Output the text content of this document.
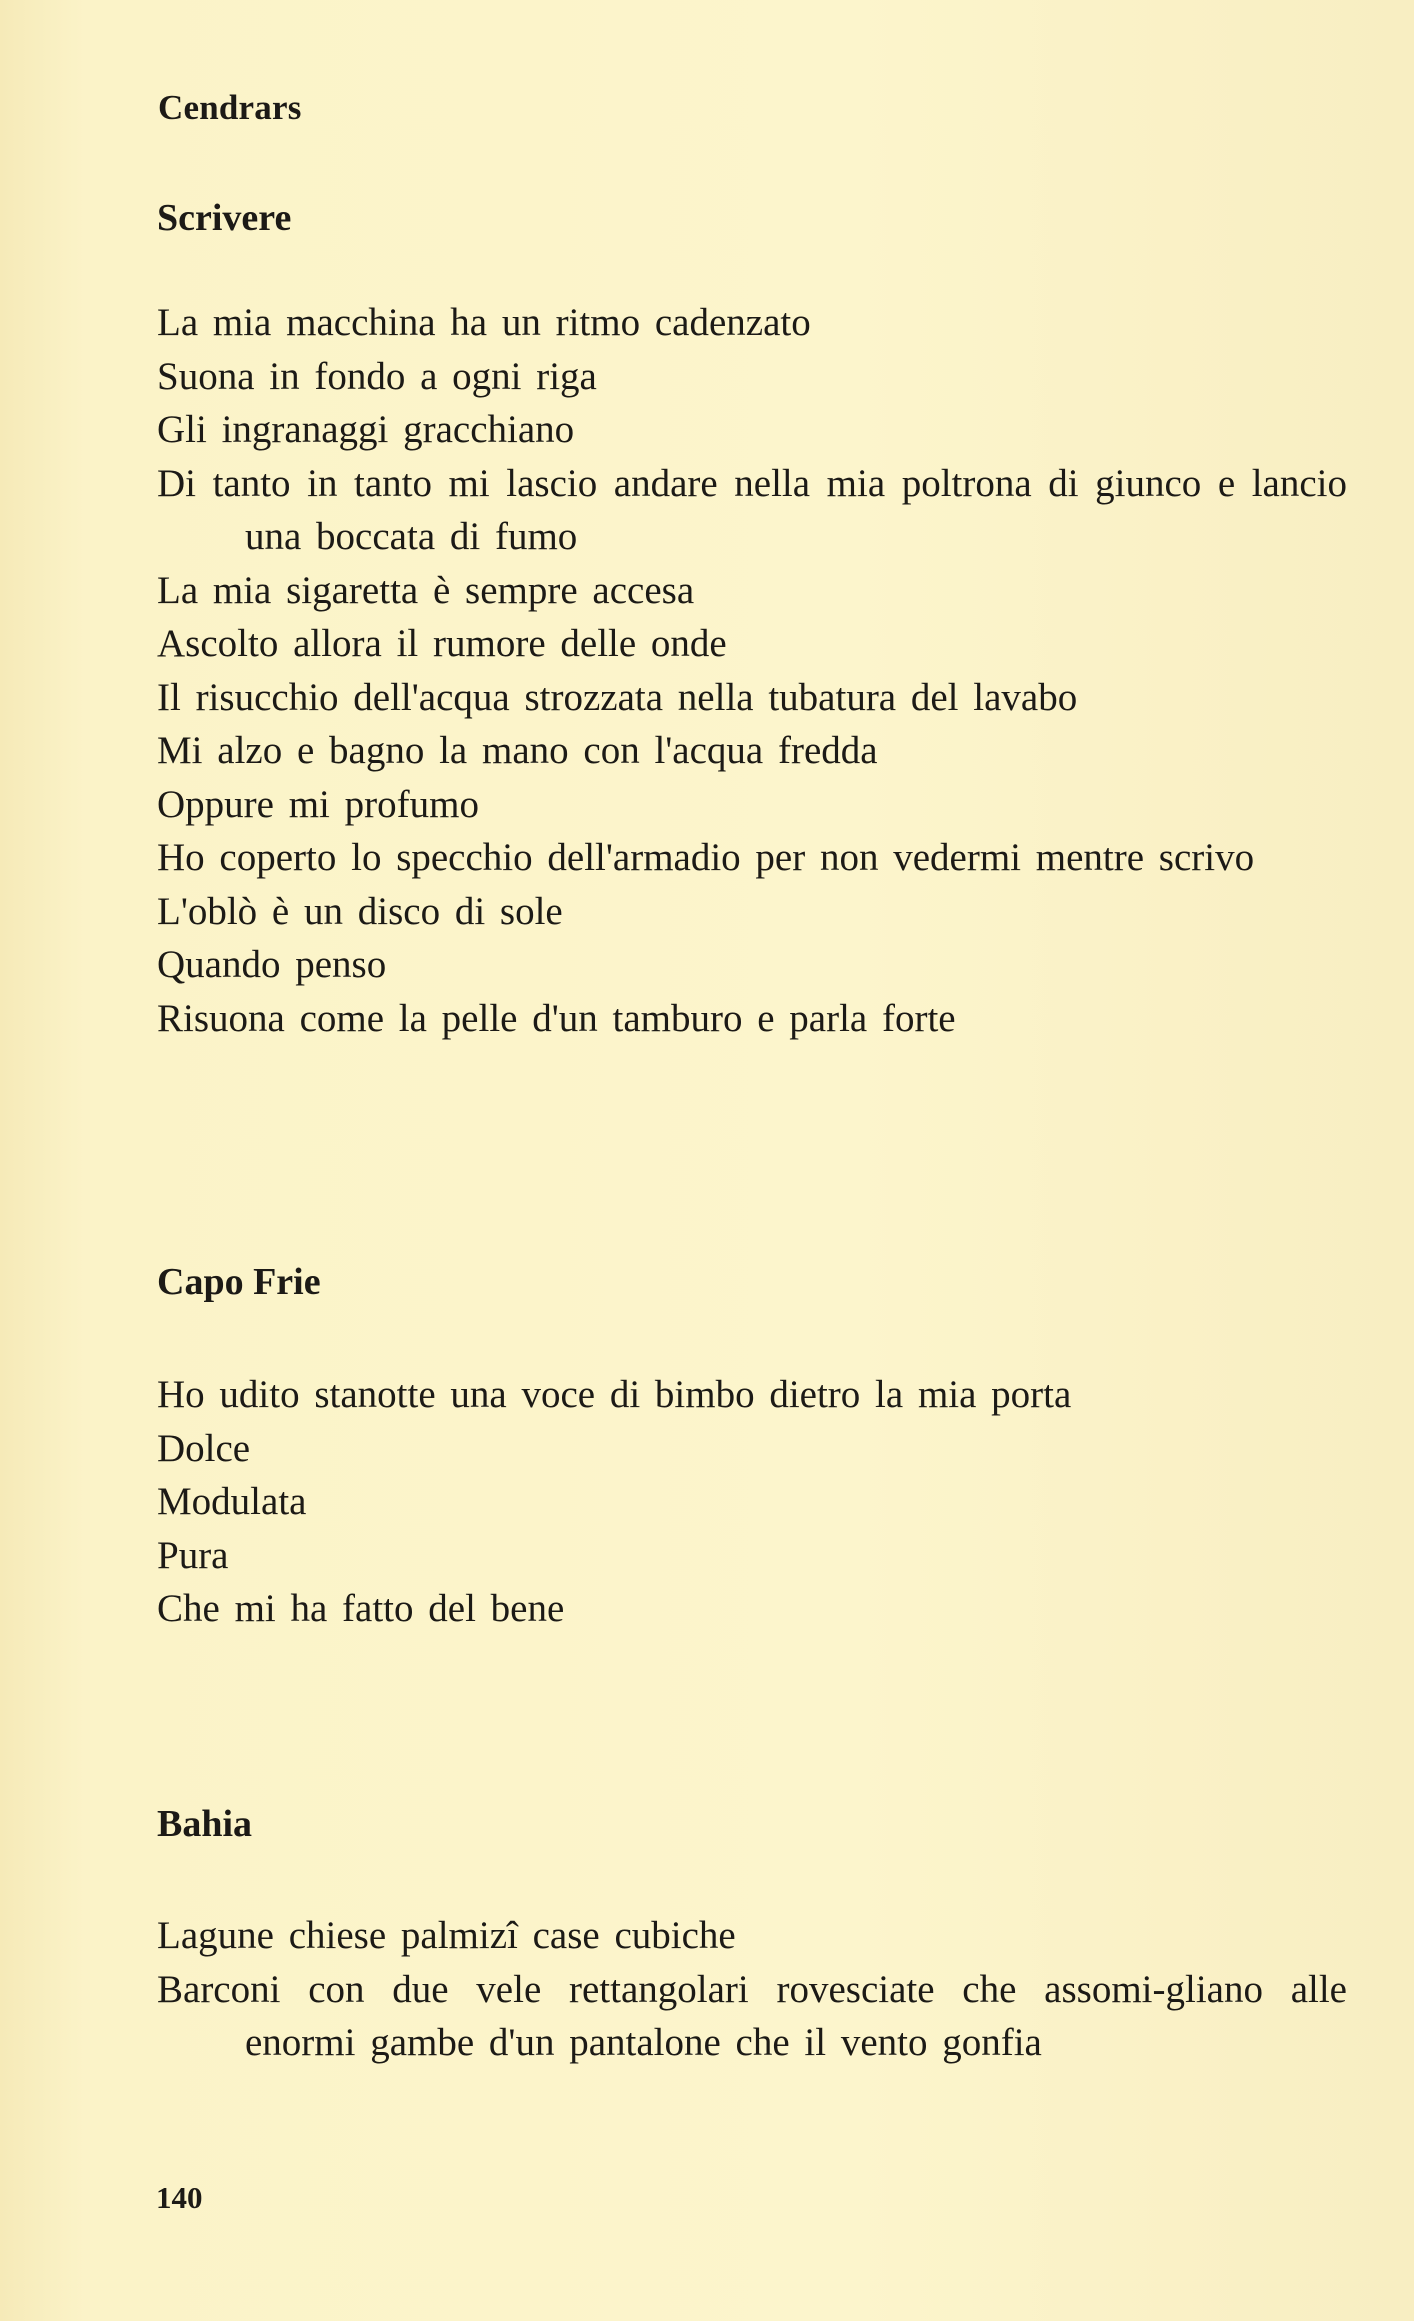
Cendrars
Scrivere
La mia macchina ha un ritmo cadenzato
Suona in fondo a ogni riga
Gli ingranaggi gracchiano
Di tanto in tanto mi lascio andare nella mia poltrona di giunco e lancio una boccata di fumo
La mia sigaretta è sempre accesa
Ascolto allora il rumore delle onde
Il risucchio dell'acqua strozzata nella tubatura del lavabo
Mi alzo e bagno la mano con l'acqua fredda
Oppure mi profumo
Ho coperto lo specchio dell'armadio per non vedermi mentre scrivo
L'oblò è un disco di sole
Quando penso
Risuona come la pelle d'un tamburo e parla forte
Capo Frie
Ho udito stanotte una voce di bimbo dietro la mia porta
Dolce
Modulata
Pura
Che mi ha fatto del bene
Bahia
Lagune chiese palmizî case cubiche
Barconi con due vele rettangolari rovesciate che assomi-gliano alle enormi gambe d'un pantalone che il vento gonfia
140
